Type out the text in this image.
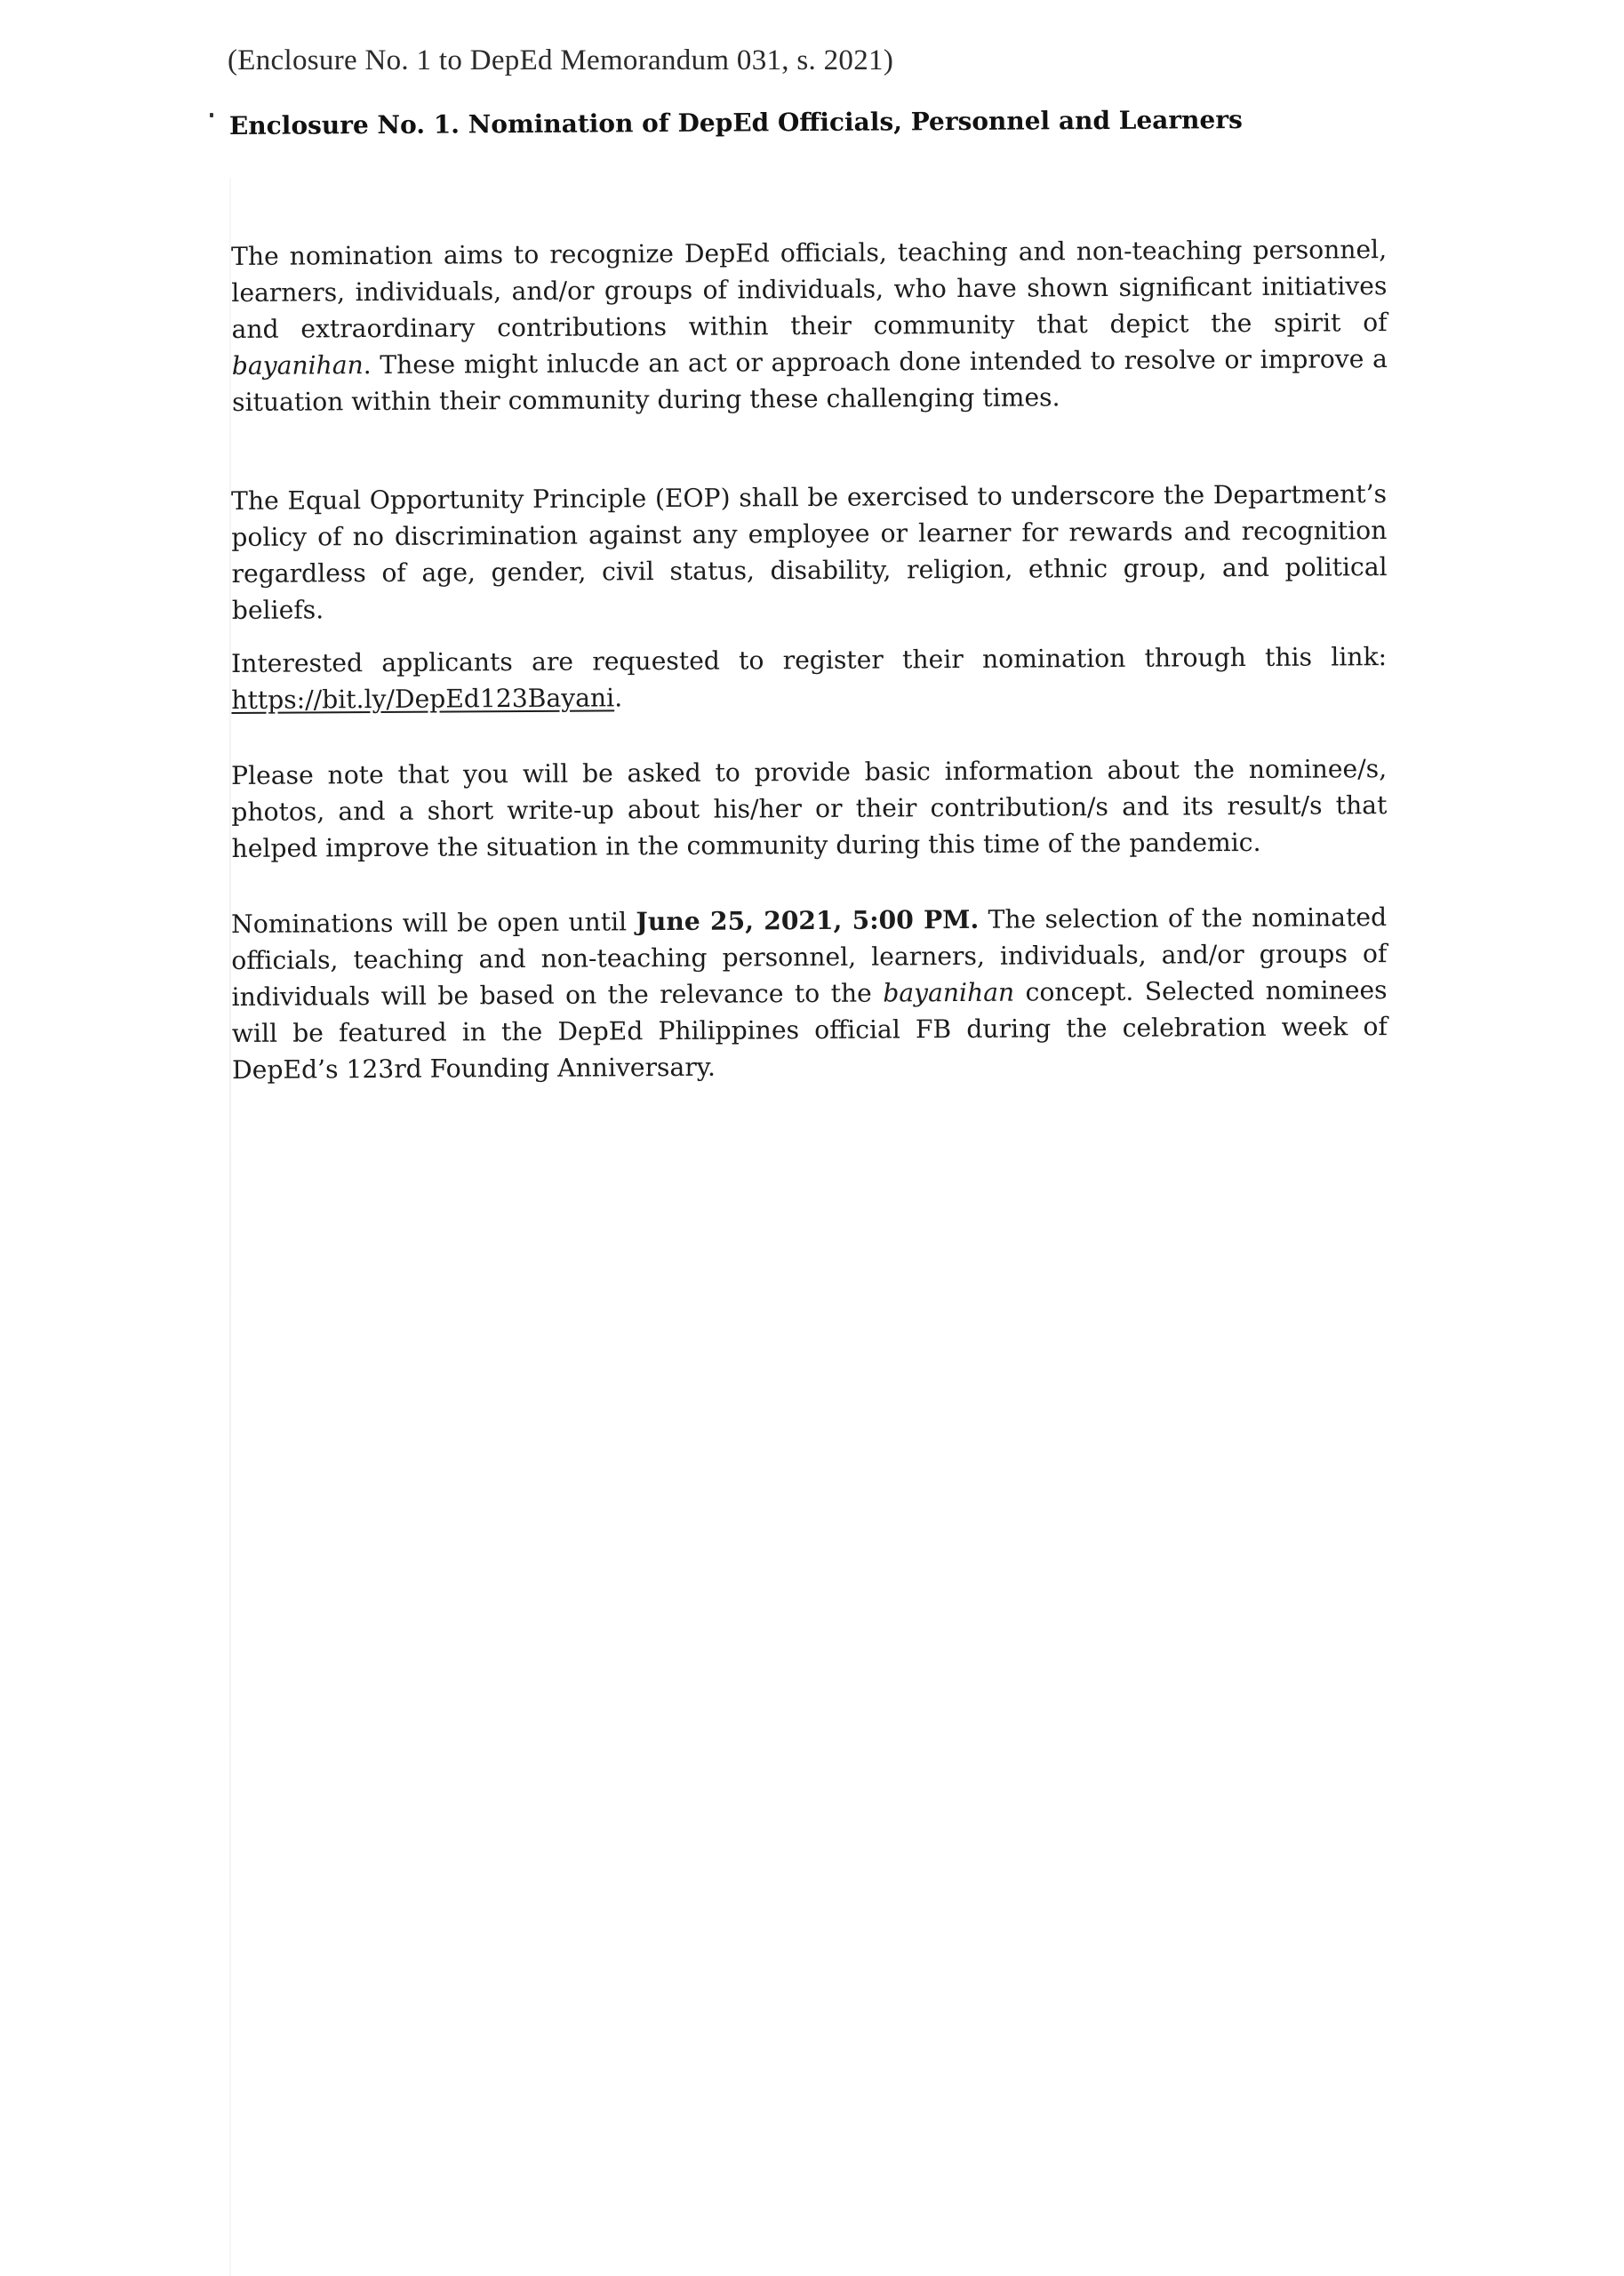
(Enclosure No. 1 to DepEd Memorandum 031, s. 2021)
Enclosure No. 1. Nomination of DepEd Officials, Personnel and Learners

The nomination aims to recognize DepEd officials, teaching and non-teaching personnel, learners, individuals, and/or groups of individuals, who have shown significant initiatives and extraordinary contributions within their community that depict the spirit of bayanihan. These might inlucde an act or approach done intended to resolve or improve a situation within their community during these challenging times.

The Equal Opportunity Principle (EOP) shall be exercised to underscore the Department’s policy of no discrimination against any employee or learner for rewards and recognition regardless of age, gender, civil status, disability, religion, ethnic group, and political beliefs.

Interested applicants are requested to register their nomination through this link: https://bit.ly/DepEd123Bayani.

Please note that you will be asked to provide basic information about the nominee/s, photos, and a short write-up about his/her or their contribution/s and its result/s that helped improve the situation in the community during this time of the pandemic.

Nominations will be open until June 25, 2021, 5:00 PM. The selection of the nominated officials, teaching and non-teaching personnel, learners, individuals, and/or groups of individuals will be based on the relevance to the bayanihan concept. Selected nominees will be featured in the DepEd Philippines official FB during the celebration week of DepEd’s 123rd Founding Anniversary.
